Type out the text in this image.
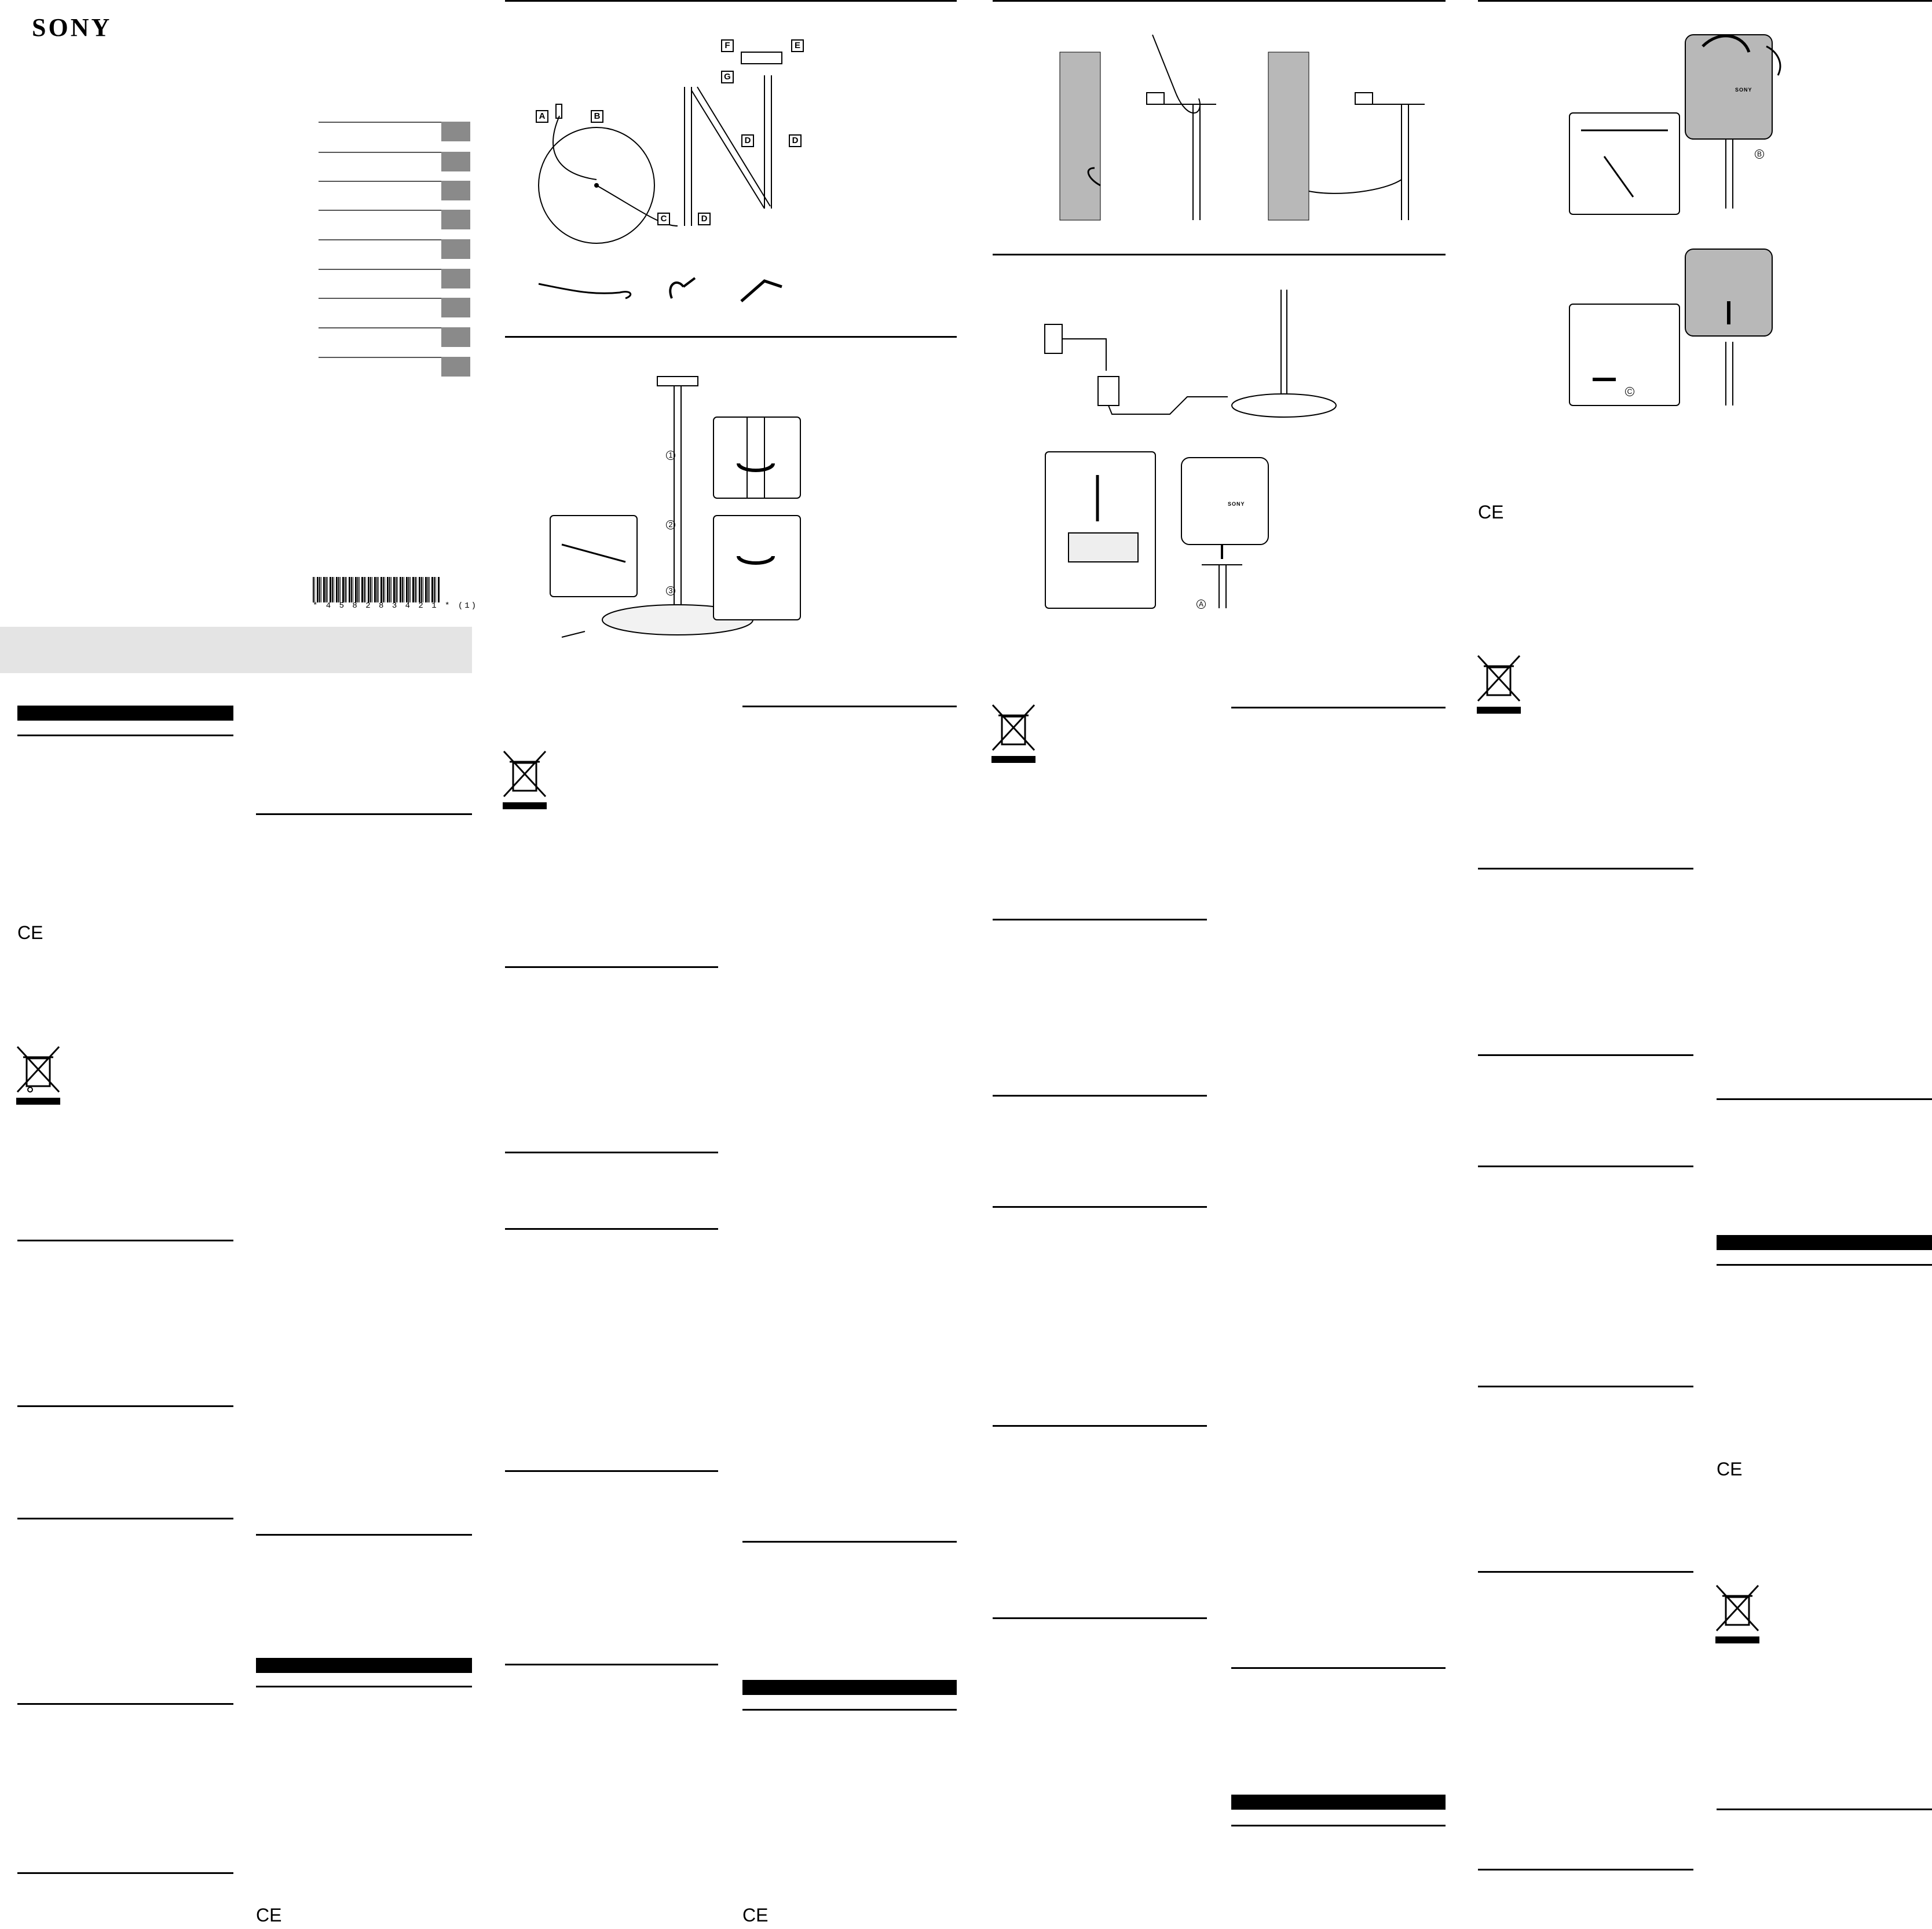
SONY
* 4 5 8 2 8 3 4 2 1 * (1)
CE
CE
A	B
C	D
D	D
E
F
G
1
2
3
CE
SONY
A
SONY
B
C
CE
CE
